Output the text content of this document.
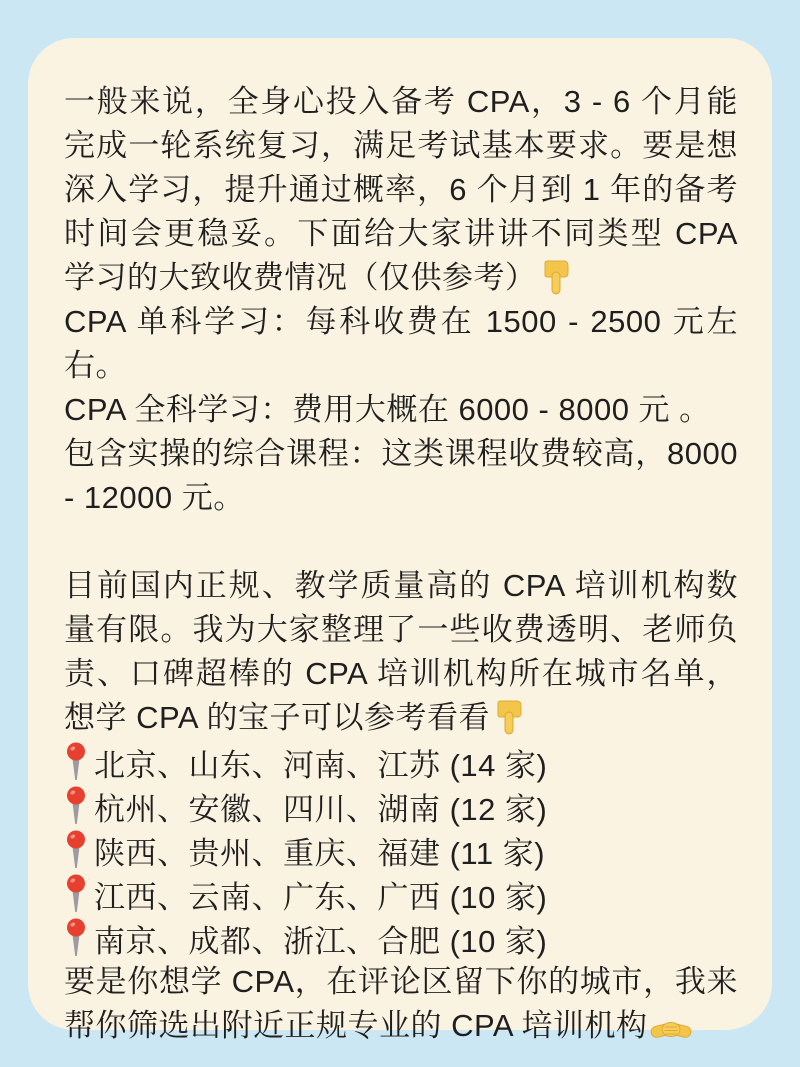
一般来说，全身心投入备考 CPA，3 - 6 个月能完成一轮系统复习，满足考试基本要求。要是想深入学习，提升通过概率，6 个月到 1 年的备考时间会更稳妥。下面给大家讲讲不同类型 CPA 学习的大致收费情况（仅供参考）

CPA 单科学习：每科收费在 1500 - 2500 元左右。

CPA 全科学习：费用大概在 6000 - 8000 元 。

包含实操的综合课程：这类课程收费较高，8000 - 12000 元。

目前国内正规、教学质量高的 CPA 培训机构数量有限。我为大家整理了一些收费透明、老师负责、口碑超棒的 CPA 培训机构所在城市名单，想学 CPA 的宝子可以参考看看

北京、山东、河南、江苏 (14 家)
杭州、安徽、四川、湖南 (12 家)
陕西、贵州、重庆、福建 (11 家)
江西、云南、广东、广西 (10 家)
南京、成都、浙江、合肥 (10 家)

要是你想学 CPA，在评论区留下你的城市，我来帮你筛选出附近正规专业的 CPA 培训机构
